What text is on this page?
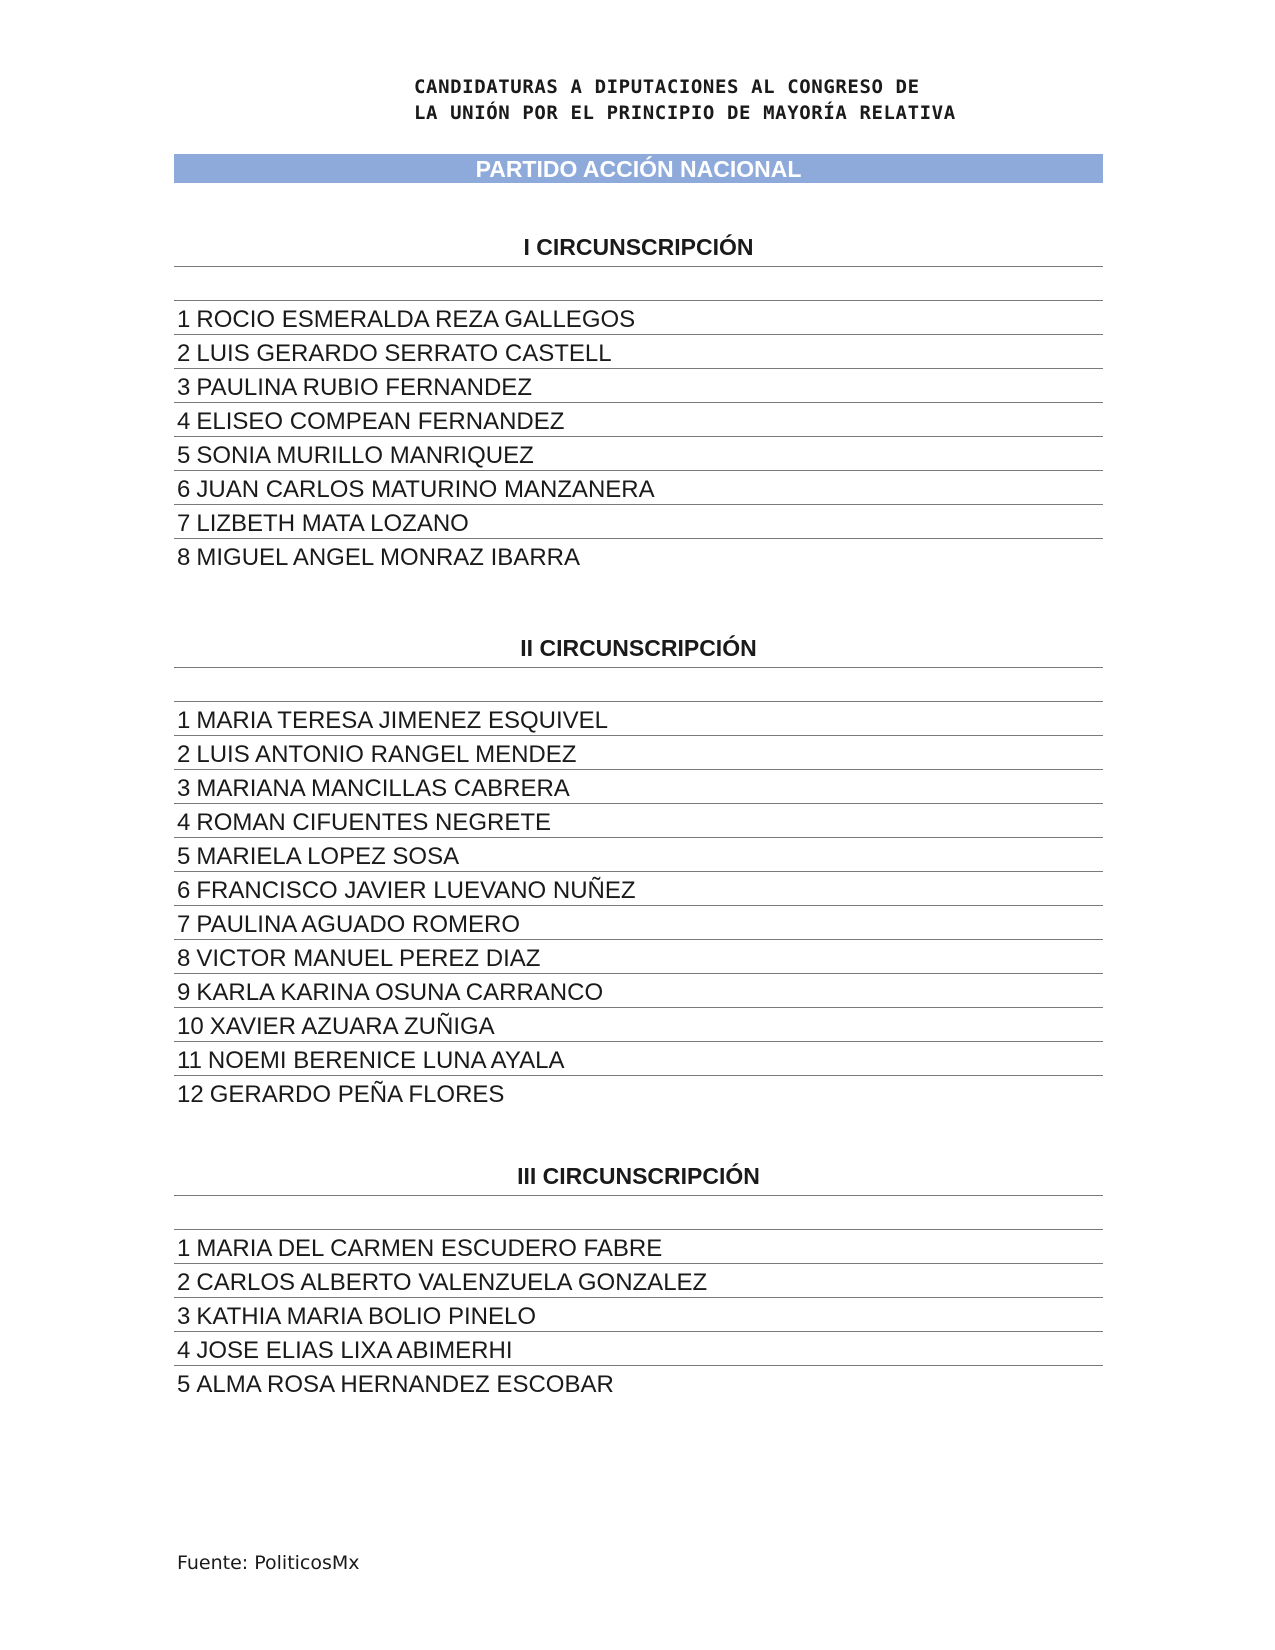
CANDIDATURAS A DIPUTACIONES AL CONGRESO DE
LA UNIÓN POR EL PRINCIPIO DE MAYORÍA RELATIVA
PARTIDO ACCIÓN NACIONAL
I CIRCUNSCRIPCIÓN
1 ROCIO ESMERALDA REZA GALLEGOS
2 LUIS GERARDO SERRATO CASTELL
3 PAULINA RUBIO FERNANDEZ
4 ELISEO COMPEAN FERNANDEZ
5 SONIA MURILLO MANRIQUEZ
6 JUAN CARLOS MATURINO MANZANERA
7 LIZBETH MATA LOZANO
8 MIGUEL ANGEL MONRAZ IBARRA
II CIRCUNSCRIPCIÓN
1 MARIA TERESA JIMENEZ ESQUIVEL
2 LUIS ANTONIO RANGEL MENDEZ
3 MARIANA MANCILLAS CABRERA
4 ROMAN CIFUENTES NEGRETE
5 MARIELA LOPEZ SOSA
6 FRANCISCO JAVIER LUEVANO NUÑEZ
7 PAULINA AGUADO ROMERO
8 VICTOR MANUEL PEREZ DIAZ
9 KARLA KARINA OSUNA CARRANCO
10 XAVIER AZUARA ZUÑIGA
11 NOEMI BERENICE LUNA AYALA
12 GERARDO PEÑA FLORES
III CIRCUNSCRIPCIÓN
1 MARIA DEL CARMEN ESCUDERO FABRE
2 CARLOS ALBERTO VALENZUELA GONZALEZ
3 KATHIA MARIA BOLIO PINELO
4 JOSE ELIAS LIXA ABIMERHI
5 ALMA ROSA HERNANDEZ ESCOBAR
Fuente: PoliticosMx
